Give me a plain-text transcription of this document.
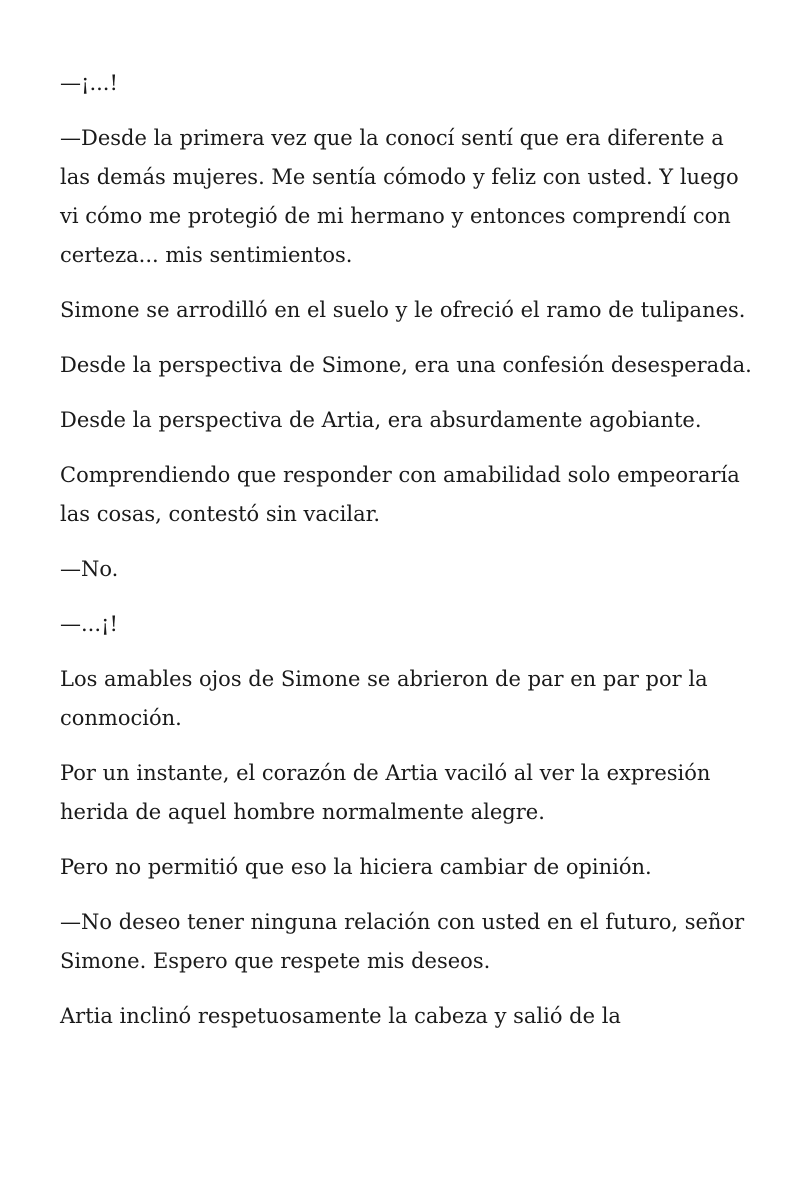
—¡...!

—Desde la primera vez que la conocí sentí que era diferente a las demás mujeres. Me sentía cómodo y feliz con usted. Y luego vi cómo me protegió de mi hermano y entonces comprendí con certeza... mis sentimientos.

Simone se arrodilló en el suelo y le ofreció el ramo de tulipanes.

Desde la perspectiva de Simone, era una confesión desesperada.

Desde la perspectiva de Artia, era absurdamente agobiante.

Comprendiendo que responder con amabilidad solo empeoraría las cosas, contestó sin vacilar.

—No.

—...¡!

Los amables ojos de Simone se abrieron de par en par por la conmoción.

Por un instante, el corazón de Artia vaciló al ver la expresión herida de aquel hombre normalmente alegre.

Pero no permitió que eso la hiciera cambiar de opinión.

—No deseo tener ninguna relación con usted en el futuro, señor Simone. Espero que respete mis deseos.

Artia inclinó respetuosamente la cabeza y salió de la
